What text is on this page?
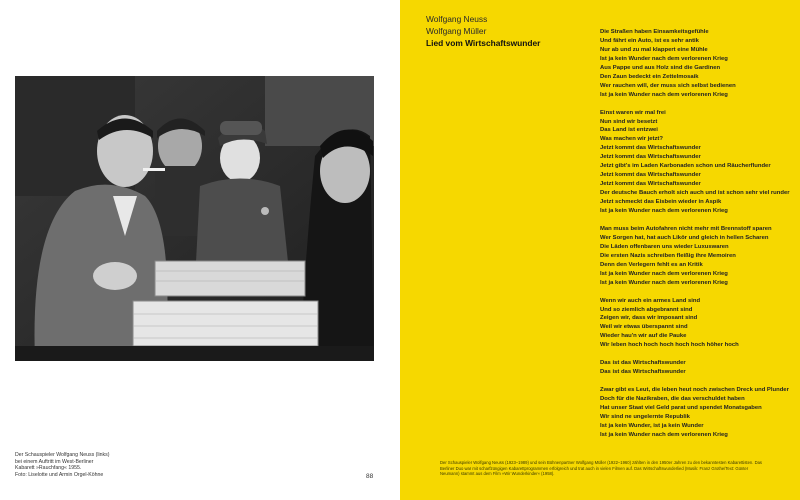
Der Schauspieler Wolfgang Neuss (links)
bei einem Auftritt im West-Berliner
Kabarett »Rauchfang« 1955.
Foto: Liselotte und Armin Orgel-Köhne	88
Wolfgang Neuss
Wolfgang Müller
Lied vom Wirtschaftswunder
Die Straßen haben Einsamkeitsgefühle
Und fährt ein Auto, ist es sehr antik
Nur ab und zu mal klappert eine Mühle
Ist ja kein Wunder nach dem verlorenen Krieg
Aus Pappe und aus Holz sind die Gardinen
Den Zaun bedeckt ein Zettelmosaik
Wer rauchen will, der muss sich selbst bedienen
Ist ja kein Wunder nach dem verlorenen Krieg
Einst waren wir mal frei
Nun sind wir besetzt
Das Land ist entzwei
Was machen wir jetzt?
Jetzt kommt das Wirtschaftswunder
Jetzt kommt das Wirtschaftswunder
Jetzt gibt's im Laden Karbonaden schon und Räucherflunder
Jetzt kommt das Wirtschaftswunder
Jetzt kommt das Wirtschaftswunder
Der deutsche Bauch erholt sich auch und ist schon sehr viel runder
Jetzt schmeckt das Eisbein wieder in Aspik
Ist ja kein Wunder nach dem verlorenen Krieg
Man muss beim Autofahren nicht mehr mit Brennstoff sparen
Wer Sorgen hat, hat auch Likör und gleich in hellen Scharen
Die Läden offenbaren uns wieder Luxuswaren
Die ersten Nazis schreiben fleißig ihre Memoiren
Denn den Verlegern fehlt es an Kritik
Ist ja kein Wunder nach dem verlorenen Krieg
Ist ja kein Wunder nach dem verlorenen Krieg
Wenn wir auch ein armes Land sind
Und so ziemlich abgebrannt sind
Zeigen wir, dass wir imposant sind
Weil wir etwas überspannt sind
Wieder hau'n wir auf die Pauke
Wir leben hoch hoch hoch hoch hoch höher hoch
Das ist das Wirtschaftswunder
Das ist das Wirtschaftswunder
Zwar gibt es Leut, die leben heut noch zwischen Dreck und Plunder
Doch für die Nazikraben, die das verschuldet haben
Hat unser Staat viel Geld parat und spendet Monatsgaben
Wir sind ne ungelernte Republik
Ist ja kein Wunder, ist ja kein Wunder
Ist ja kein Wunder nach dem verlorenen Krieg
Der Schauspieler Wolfgang Neuss (1923–1989) und sein Bühnenpartner Wolfgang Müller (1922–1960) zählten in den 1950er Jahren zu den bekanntesten Kabarettisten. Das
Berliner Duo war mit scharfzüngigen Kabarettprogrammen erfolgreich und trat auch in vielen Filmen auf. Das Wirtschaftswunderlied (Musik: Franz Grothe/Text: Günter
Neumann) stammt aus dem Film »Wir Wunderkinder« (1958).
